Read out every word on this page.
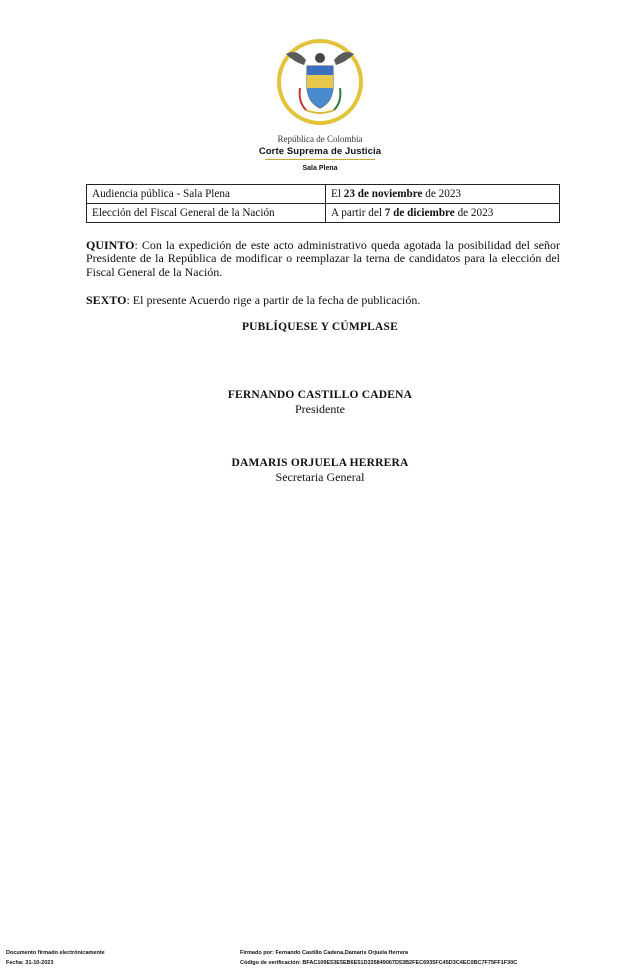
República de Colombia
Corte Suprema de Justicia
Sala Plena
Audiencia pública - Sala Plena	El 23 de noviembre de 2023
Elección del Fiscal General de la Nación	A partir del 7 de diciembre de 2023
QUINTO: Con la expedición de este acto administrativo queda agotada la posibilidad del señor Presidente de la República de modificar o reemplazar la terna de candidatos para la elección del Fiscal General de la Nación.
SEXTO: El presente Acuerdo rige a partir de la fecha de publicación.
PUBLÍQUESE Y CÚMPLASE
FERNANDO CASTILLO CADENA
Presidente
DAMARIS ORJUELA HERRERA
Secretaria General
Documento firmado electrónicamente
Fecha: 31-10-2023
Firmado por: Fernando Castillo Cadena,Damaris Orjuela Herrera
Código de verificación: BFAC109E53E5EB6E51D335849067D53B2FEC6935FC45D3C4EC0BC7F75FF1F30C
